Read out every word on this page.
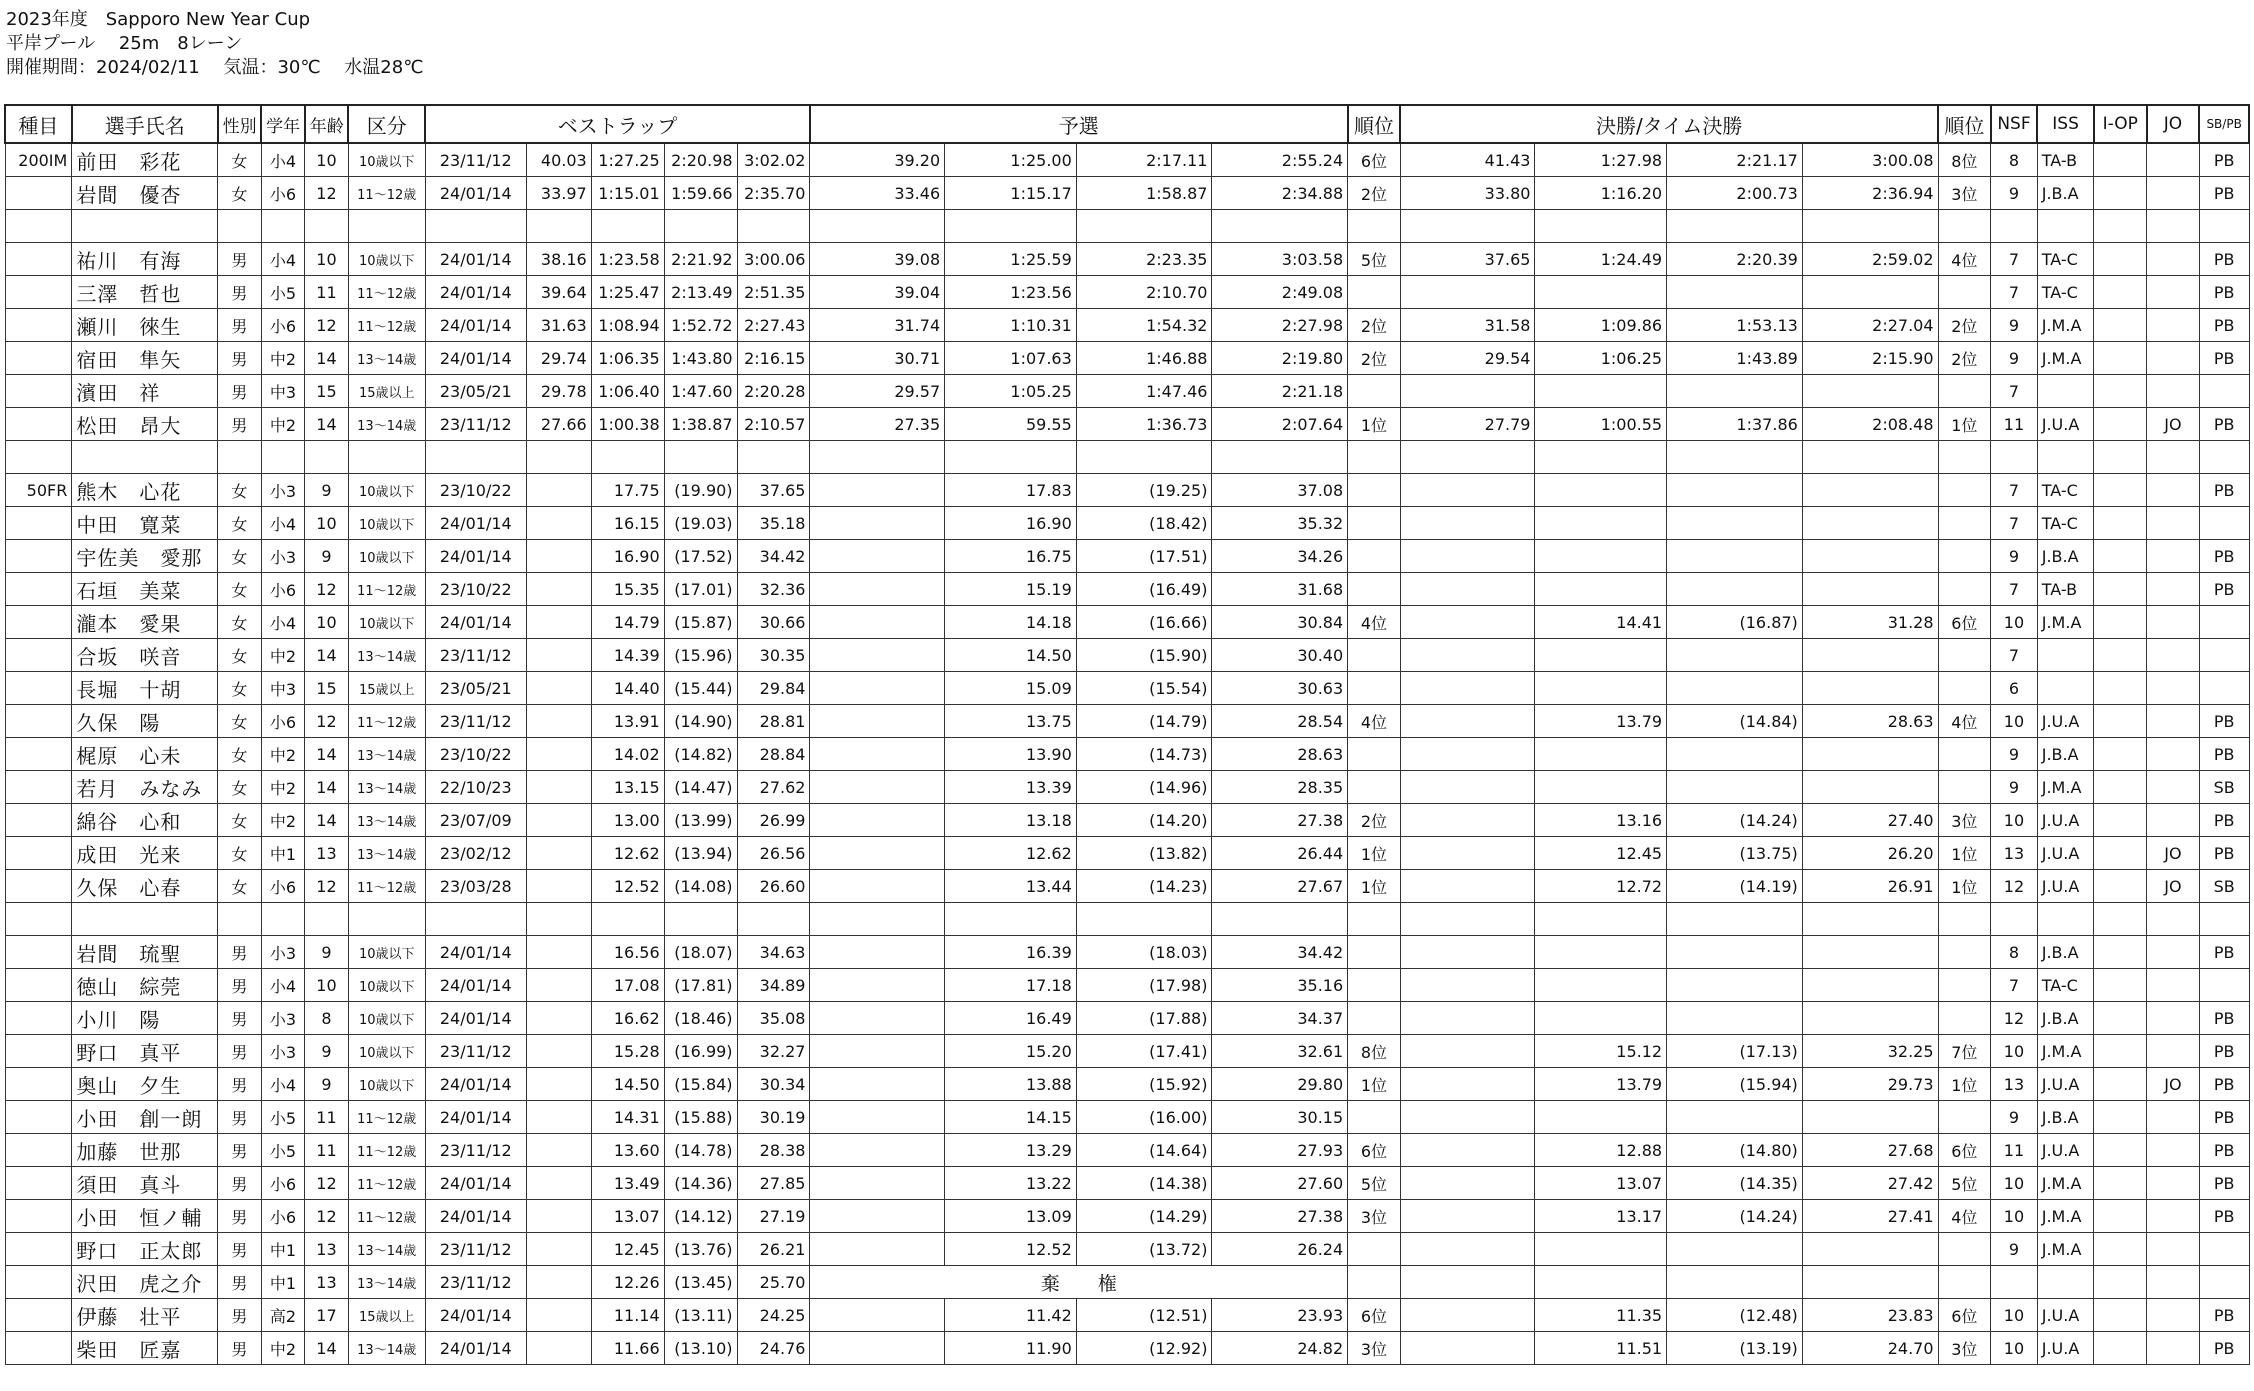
2023年度　Sapporo New Year Cup
平岸プール　 25m　8レーン
開催期間：2024/02/11　 気温：30℃　 水温28℃
種目	選手氏名	性別	学年	年齢	区分	ベストラップ					予選				順位	決勝/タイム決勝				順位	NSF	ISS	I-OP	JO	SB/PB
200IM	前田　彩花	女	小4	10	10歳以下	23/11/12	40.03	1:27.25	2:20.98	3:02.02	39.20	1:25.00	2:17.11	2:55.24	6位	41.43	1:27.98	2:21.17	3:00.08	8位	8	TA-B			PB
	岩間　優杏	女	小6	12	11～12歳	24/01/14	33.97	1:15.01	1:59.66	2:35.70	33.46	1:15.17	1:58.87	2:34.88	2位	33.80	1:16.20	2:00.73	2:36.94	3位	9	J.B.A			PB

	祐川　有海	男	小4	10	10歳以下	24/01/14	38.16	1:23.58	2:21.92	3:00.06	39.08	1:25.59	2:23.35	3:03.58	5位	37.65	1:24.49	2:20.39	2:59.02	4位	7	TA-C			PB
	三澤　哲也	男	小5	11	11～12歳	24/01/14	39.64	1:25.47	2:13.49	2:51.35	39.04	1:23.56	2:10.70	2:49.08							7	TA-C			PB
	瀬川　徠生	男	小6	12	11～12歳	24/01/14	31.63	1:08.94	1:52.72	2:27.43	31.74	1:10.31	1:54.32	2:27.98	2位	31.58	1:09.86	1:53.13	2:27.04	2位	9	J.M.A			PB
	宿田　隼矢	男	中2	14	13～14歳	24/01/14	29.74	1:06.35	1:43.80	2:16.15	30.71	1:07.63	1:46.88	2:19.80	2位	29.54	1:06.25	1:43.89	2:15.90	2位	9	J.M.A			PB
	濱田　祥	男	中3	15	15歳以上	23/05/21	29.78	1:06.40	1:47.60	2:20.28	29.57	1:05.25	1:47.46	2:21.18							7				
	松田　昂大	男	中2	14	13～14歳	23/11/12	27.66	1:00.38	1:38.87	2:10.57	27.35	59.55	1:36.73	2:07.64	1位	27.79	1:00.55	1:37.86	2:08.48	1位	11	J.U.A		JO	PB

50FR	熊木　心花	女	小3	9	10歳以下	23/10/22		17.75	(19.90)	37.65		17.83	(19.25)	37.08							7	TA-C			PB
	中田　寛菜	女	小4	10	10歳以下	24/01/14		16.15	(19.03)	35.18		16.90	(18.42)	35.32							7	TA-C			
	宇佐美　愛那	女	小3	9	10歳以下	24/01/14		16.90	(17.52)	34.42		16.75	(17.51)	34.26							9	J.B.A			PB
	石垣　美菜	女	小6	12	11～12歳	23/10/22		15.35	(17.01)	32.36		15.19	(16.49)	31.68							7	TA-B			PB
	瀧本　愛果	女	小4	10	10歳以下	24/01/14		14.79	(15.87)	30.66		14.18	(16.66)	30.84	4位		14.41	(16.87)	31.28	6位	10	J.M.A			
	合坂　咲音	女	中2	14	13～14歳	23/11/12		14.39	(15.96)	30.35		14.50	(15.90)	30.40							7				
	長堀　十胡	女	中3	15	15歳以上	23/05/21		14.40	(15.44)	29.84		15.09	(15.54)	30.63							6				
	久保　陽	女	小6	12	11～12歳	23/11/12		13.91	(14.90)	28.81		13.75	(14.79)	28.54	4位		13.79	(14.84)	28.63	4位	10	J.U.A			PB
	梶原　心未	女	中2	14	13～14歳	23/10/22		14.02	(14.82)	28.84		13.90	(14.73)	28.63							9	J.B.A			PB
	若月　みなみ	女	中2	14	13～14歳	22/10/23		13.15	(14.47)	27.62		13.39	(14.96)	28.35							9	J.M.A			SB
	綿谷　心和	女	中2	14	13～14歳	23/07/09		13.00	(13.99)	26.99		13.18	(14.20)	27.38	2位		13.16	(14.24)	27.40	3位	10	J.U.A			PB
	成田　光来	女	中1	13	13～14歳	23/02/12		12.62	(13.94)	26.56		12.62	(13.82)	26.44	1位		12.45	(13.75)	26.20	1位	13	J.U.A		JO	PB
	久保　心春	女	小6	12	11～12歳	23/03/28		12.52	(14.08)	26.60		13.44	(14.23)	27.67	1位		12.72	(14.19)	26.91	1位	12	J.U.A		JO	SB

	岩間　琉聖	男	小3	9	10歳以下	24/01/14		16.56	(18.07)	34.63		16.39	(18.03)	34.42							8	J.B.A			PB
	徳山　綜莞	男	小4	10	10歳以下	24/01/14		17.08	(17.81)	34.89		17.18	(17.98)	35.16							7	TA-C			
	小川　陽	男	小3	8	10歳以下	24/01/14		16.62	(18.46)	35.08		16.49	(17.88)	34.37							12	J.B.A			PB
	野口　真平	男	小3	9	10歳以下	23/11/12		15.28	(16.99)	32.27		15.20	(17.41)	32.61	8位		15.12	(17.13)	32.25	7位	10	J.M.A			PB
	奥山　夕生	男	小4	9	10歳以下	24/01/14		14.50	(15.84)	30.34		13.88	(15.92)	29.80	1位		13.79	(15.94)	29.73	1位	13	J.U.A		JO	PB
	小田　創一朗	男	小5	11	11～12歳	24/01/14		14.31	(15.88)	30.19		14.15	(16.00)	30.15							9	J.B.A			PB
	加藤　世那	男	小5	11	11～12歳	23/11/12		13.60	(14.78)	28.38		13.29	(14.64)	27.93	6位		12.88	(14.80)	27.68	6位	11	J.U.A			PB
	須田　真斗	男	小6	12	11～12歳	24/01/14		13.49	(14.36)	27.85		13.22	(14.38)	27.60	5位		13.07	(14.35)	27.42	5位	10	J.M.A			PB
	小田　恒ノ輔	男	小6	12	11～12歳	24/01/14		13.07	(14.12)	27.19		13.09	(14.29)	27.38	3位		13.17	(14.24)	27.41	4位	10	J.M.A			PB
	野口　正太郎	男	中1	13	13～14歳	23/11/12		12.45	(13.76)	26.21		12.52	(13.72)	26.24							9	J.M.A			
	沢田　虎之介	男	中1	13	13～14歳	23/11/12		12.26	(13.45)	25.70	棄　　権														
	伊藤　壮平	男	高2	17	15歳以上	24/01/14		11.14	(13.11)	24.25		11.42	(12.51)	23.93	6位		11.35	(12.48)	23.83	6位	10	J.U.A			PB
	柴田　匠嘉	男	中2	14	13～14歳	24/01/14		11.66	(13.10)	24.76		11.90	(12.92)	24.82	3位		11.51	(13.19)	24.70	3位	10	J.U.A			PB
